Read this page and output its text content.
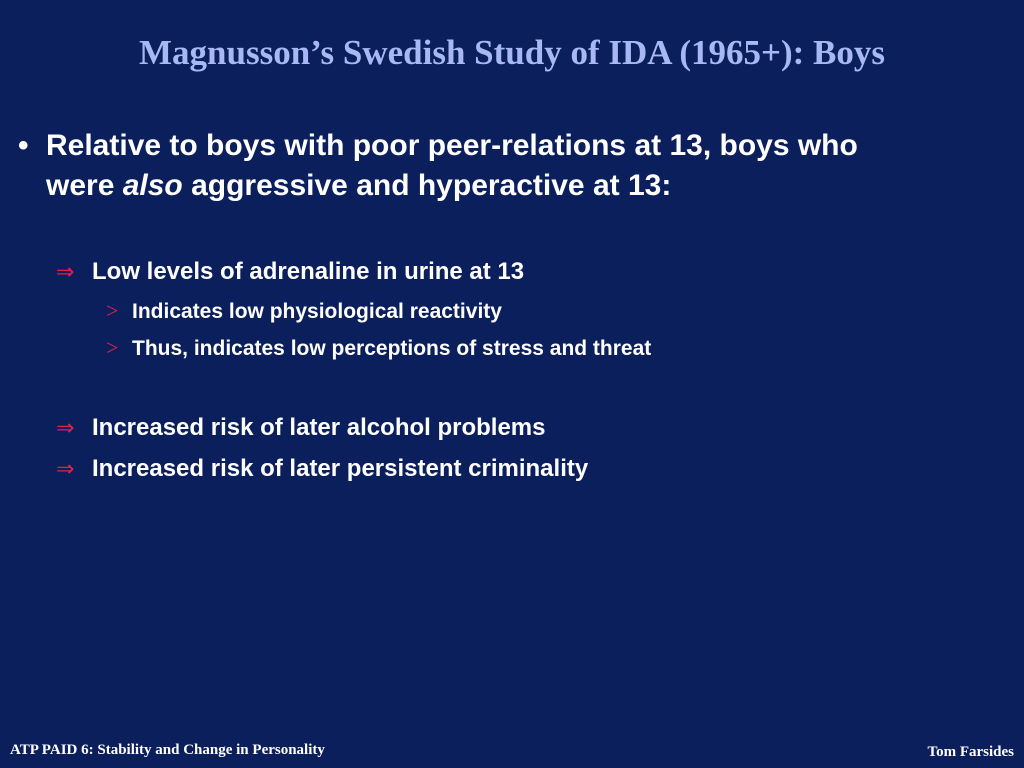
Magnusson’s Swedish Study of IDA (1965+): Boys
• Relative to boys with poor peer-relations at 13, boys who
were also aggressive and hyperactive at 13:
⇒ Low levels of adrenaline in urine at 13
> Indicates low physiological reactivity
> Thus, indicates low perceptions of stress and threat
⇒ Increased risk of later alcohol problems
⇒ Increased risk of later persistent criminality
ATP PAID 6: Stability and Change in Personality	Tom Farsides
